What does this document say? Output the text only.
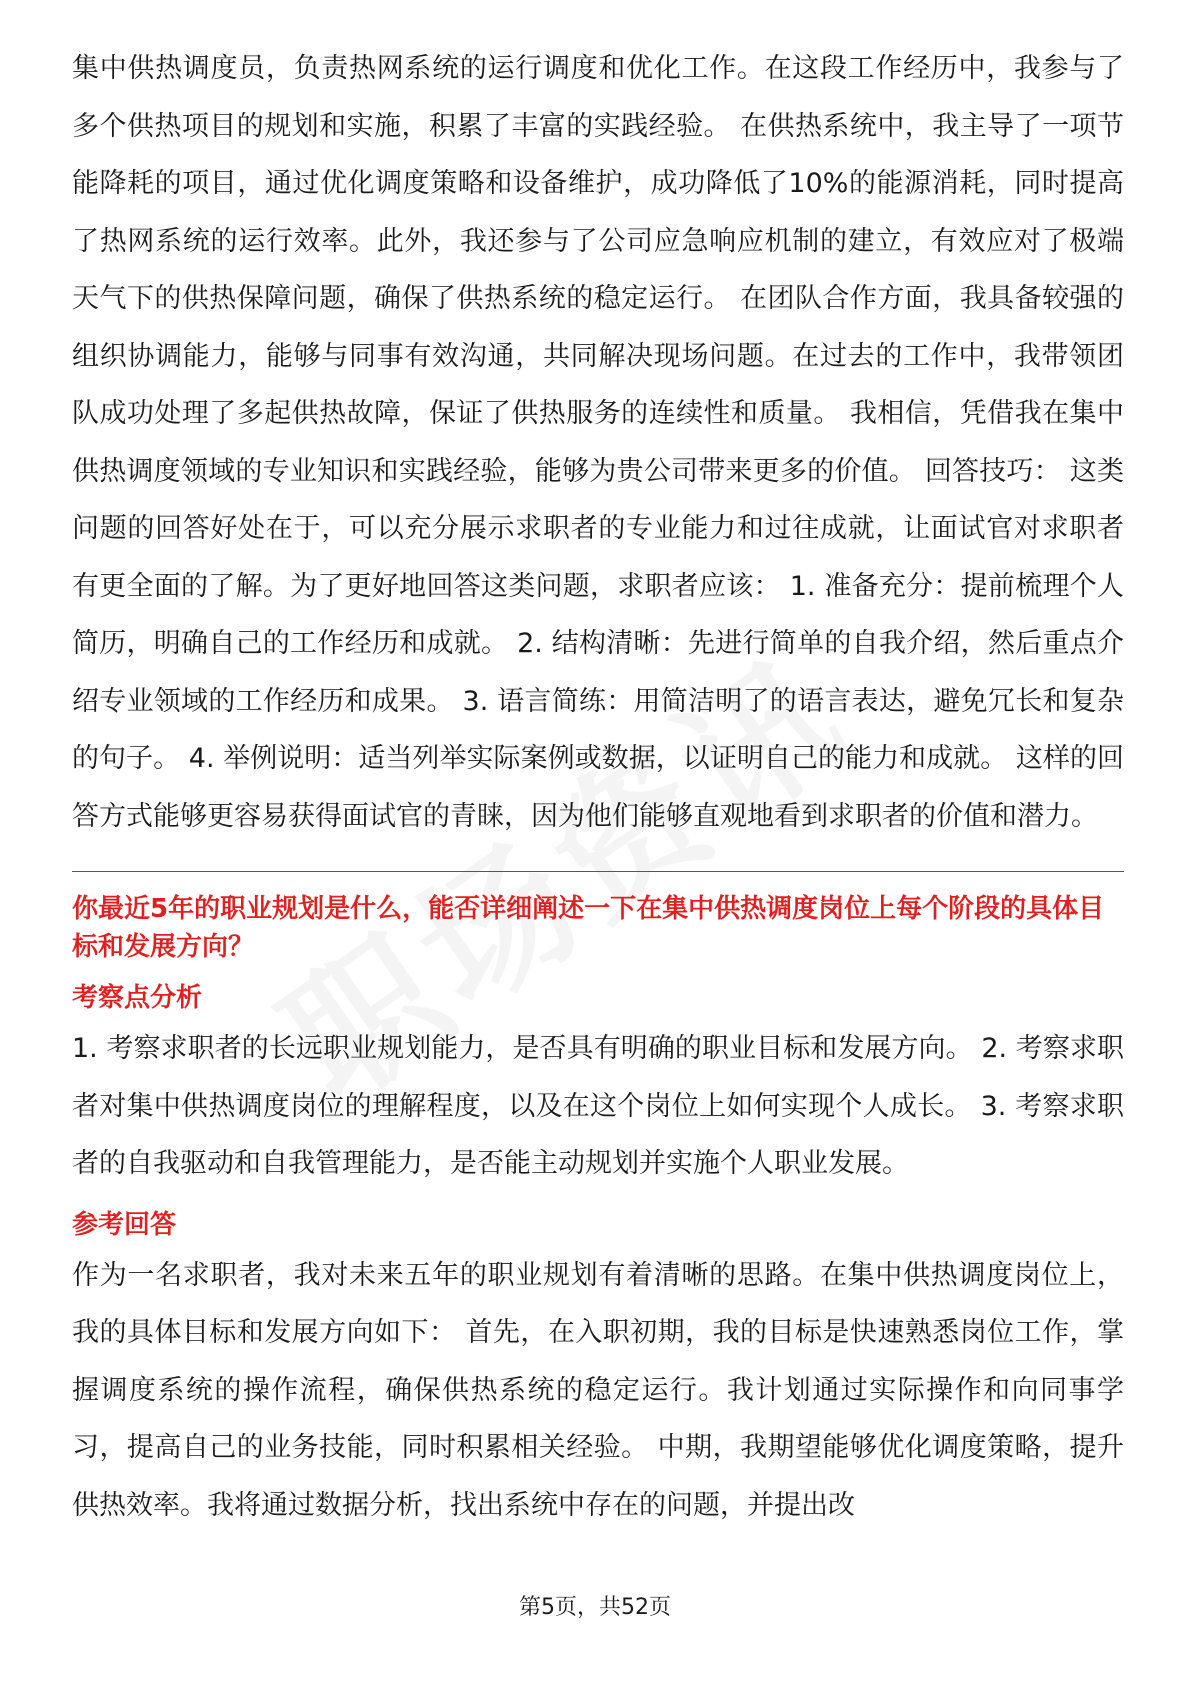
集中供热调度员，负责热网系统的运行调度和优化工作。在这段工作经历中，我参与了多个供热项目的规划和实施，积累了丰富的实践经验。 在供热系统中，我主导了一项节能降耗的项目，通过优化调度策略和设备维护，成功降低了10%的能源消耗，同时提高了热网系统的运行效率。此外，我还参与了公司应急响应机制的建立，有效应对了极端天气下的供热保障问题，确保了供热系统的稳定运行。 在团队合作方面，我具备较强的组织协调能力，能够与同事有效沟通，共同解决现场问题。在过去的工作中，我带领团队成功处理了多起供热故障，保证了供热服务的连续性和质量。 我相信，凭借我在集中供热调度领域的专业知识和实践经验，能够为贵公司带来更多的价值。 回答技巧： 这类问题的回答好处在于，可以充分展示求职者的专业能力和过往成就，让面试官对求职者有更全面的了解。为了更好地回答这类问题，求职者应该： 1. 准备充分：提前梳理个人简历，明确自己的工作经历和成就。 2. 结构清晰：先进行简单的自我介绍，然后重点介绍专业领域的工作经历和成果。 3. 语言简练：用简洁明了的语言表达，避免冗长和复杂的句子。 4. 举例说明：适当列举实际案例或数据，以证明自己的能力和成就。 这样的回答方式能够更容易获得面试官的青睐，因为他们能够直观地看到求职者的价值和潜力。

你最近5年的职业规划是什么，能否详细阐述一下在集中供热调度岗位上每个阶段的具体目标和发展方向？

考察点分析

1. 考察求职者的长远职业规划能力，是否具有明确的职业目标和发展方向。 2. 考察求职者对集中供热调度岗位的理解程度，以及在这个岗位上如何实现个人成长。 3. 考察求职者的自我驱动和自我管理能力，是否能主动规划并实施个人职业发展。

参考回答

作为一名求职者，我对未来五年的职业规划有着清晰的思路。在集中供热调度岗位上，我的具体目标和发展方向如下： 首先，在入职初期，我的目标是快速熟悉岗位工作，掌握调度系统的操作流程，确保供热系统的稳定运行。我计划通过实际操作和向同事学习，提高自己的业务技能，同时积累相关经验。 中期，我期望能够优化调度策略，提升供热效率。我将通过数据分析，找出系统中存在的问题，并提出改

第5页，共52页
